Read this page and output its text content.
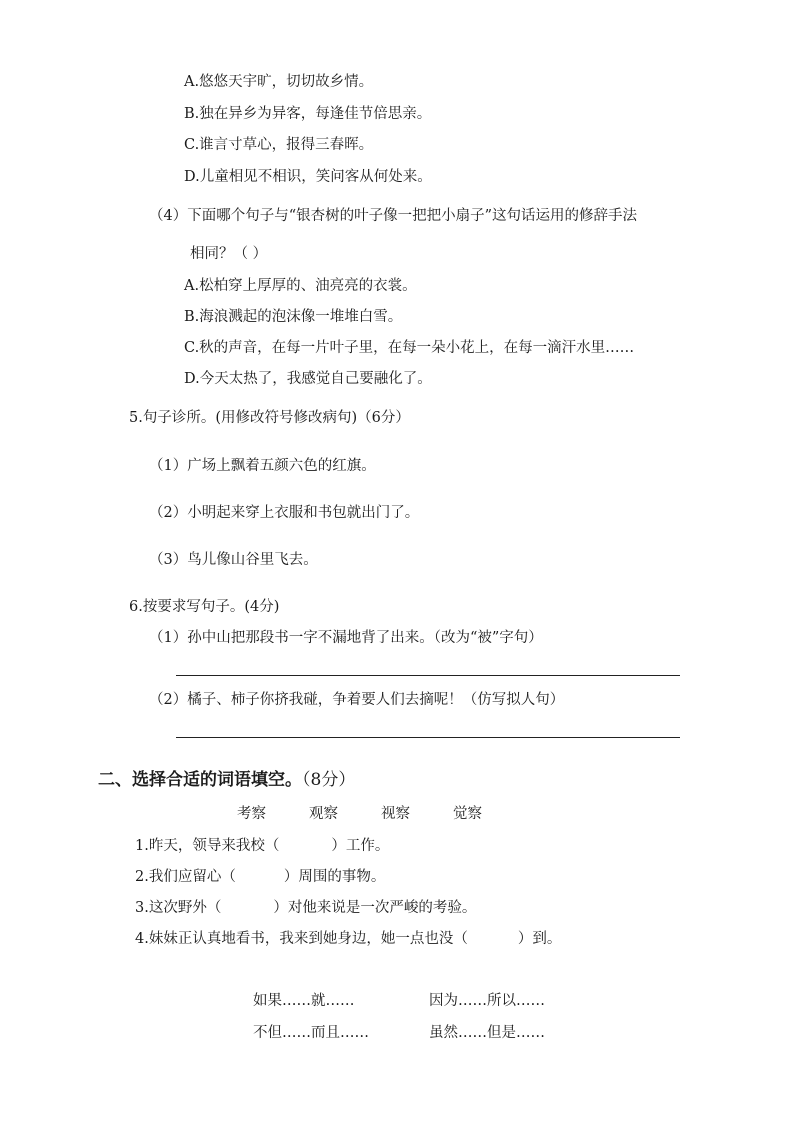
A.悠悠天宇旷，切切故乡情。
B.独在异乡为异客，每逢佳节倍思亲。
C.谁言寸草心，报得三春晖。
D.儿童相见不相识，笑问客从何处来。
（4）下面哪个句子与“银杏树的叶子像一把把小扇子”这句话运用的修辞手法
相同？（ ）
A.松柏穿上厚厚的、油亮亮的衣裳。
B.海浪溅起的泡沫像一堆堆白雪。
C.秋的声音，在每一片叶子里，在每一朵小花上，在每一滴汗水里……
D.今天太热了，我感觉自己要融化了。
5.句子诊所。(用修改符号修改病句)（6分）
（1）广场上飘着五颜六色的红旗。
（2）小明起来穿上衣服和书包就出门了。
（3）鸟儿像山谷里飞去。
6.按要求写句子。(4分)
（1）孙中山把那段书一字不漏地背了出来。（改为“被”字句）
（2）橘子、柿子你挤我碰，争着要人们去摘呢！（仿写拟人句）
二、选择合适的词语填空。（8分）
考察	观察	视察	觉察
1.昨天，领导来我校（	）工作。
2.我们应留心（	）周围的事物。
3.这次野外（	）对他来说是一次严峻的考验。
4.妹妹正认真地看书，我来到她身边，她一点也没（	）到。
如果……就……	因为……所以……
不但……而且……	虽然……但是……
